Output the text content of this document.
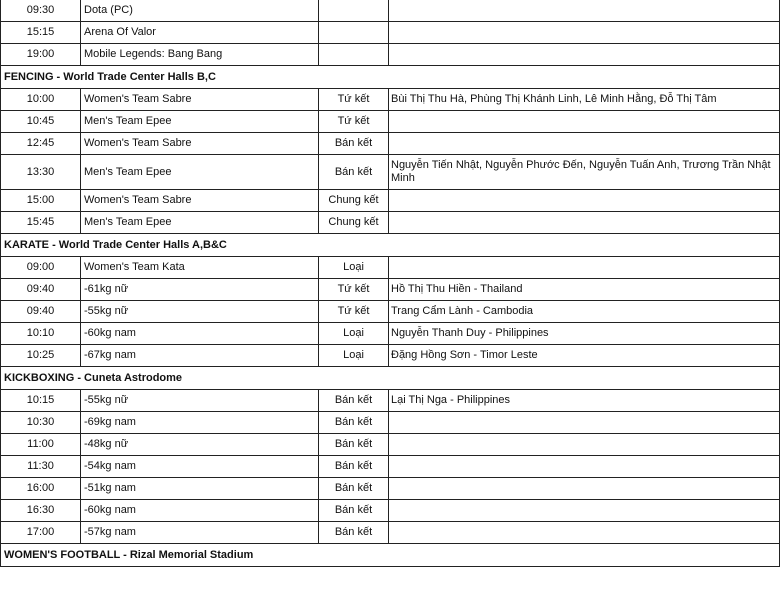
09:30	Dota (PC)		
15:15	Arena Of Valor		
19:00	Mobile Legends: Bang Bang		
FENCING - World Trade Center Halls B,C			
10:00	Women's Team Sabre	Tứ kết	Bùi Thị Thu Hà, Phùng Thị Khánh Linh, Lê Minh Hằng, Đỗ Thị Tâm
10:45	Men's Team Epee	Tứ kết	
12:45	Women's Team Sabre	Bán kết	
13:30	Men's Team Epee	Bán kết	Nguyễn Tiến Nhật, Nguyễn Phước Đến, Nguyễn Tuấn Anh, Trương Trần Nhật Minh
15:00	Women's Team Sabre	Chung kết	
15:45	Men's Team Epee	Chung kết	
KARATE - World Trade Center Halls A,B&C			
09:00	Women's Team Kata	Loại	
09:40	-61kg nữ	Tứ kết	Hồ Thị Thu Hiền - Thailand
09:40	-55kg nữ	Tứ kết	Trang Cẩm Lành - Cambodia
10:10	-60kg nam	Loại	Nguyễn Thanh Duy - Philippines
10:25	-67kg nam	Loại	Đặng Hồng Sơn - Timor Leste
KICKBOXING - Cuneta Astrodome			
10:15	-55kg nữ	Bán kết	Lại Thị Nga - Philippines
10:30	-69kg nam	Bán kết	
11:00	-48kg nữ	Bán kết	
11:30	-54kg nam	Bán kết	
16:00	-51kg nam	Bán kết	
16:30	-60kg nam	Bán kết	
17:00	-57kg nam	Bán kết	
WOMEN'S FOOTBALL - Rizal Memorial Stadium			
